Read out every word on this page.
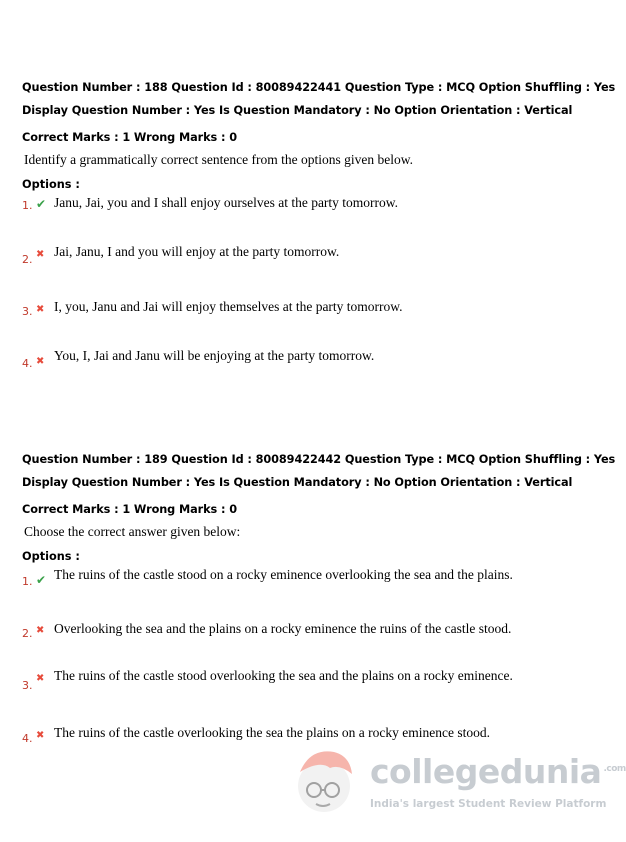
Question Number : 188 Question Id : 80089422441 Question Type : MCQ Option Shuffling : Yes
Display Question Number : Yes Is Question Mandatory : No Option Orientation : Vertical
Correct Marks : 1 Wrong Marks : 0
Identify a grammatically correct sentence from the options given below.
Options :
1. ✔ Janu, Jai, you and I shall enjoy ourselves at the party tomorrow.
2. ✖ Jai, Janu, I and you will enjoy at the party tomorrow.
3. ✖ I, you, Janu and Jai will enjoy themselves at the party tomorrow.
4. ✖ You, I, Jai and Janu will be enjoying at the party tomorrow.
Question Number : 189 Question Id : 80089422442 Question Type : MCQ Option Shuffling : Yes
Display Question Number : Yes Is Question Mandatory : No Option Orientation : Vertical
Correct Marks : 1 Wrong Marks : 0
Choose the correct answer given below:
Options :
1. ✔ The ruins of the castle stood on a rocky eminence overlooking the sea and the plains.
2. ✖ Overlooking the sea and the plains on a rocky eminence the ruins of the castle stood.
3.
✖ The ruins of the castle stood overlooking the sea and the plains on a rocky eminence.
4. ✖ The ruins of the castle overlooking the sea the plains on a rocky eminence stood.
collegedunia $^{.com}$
India's largest Student Review Platform
